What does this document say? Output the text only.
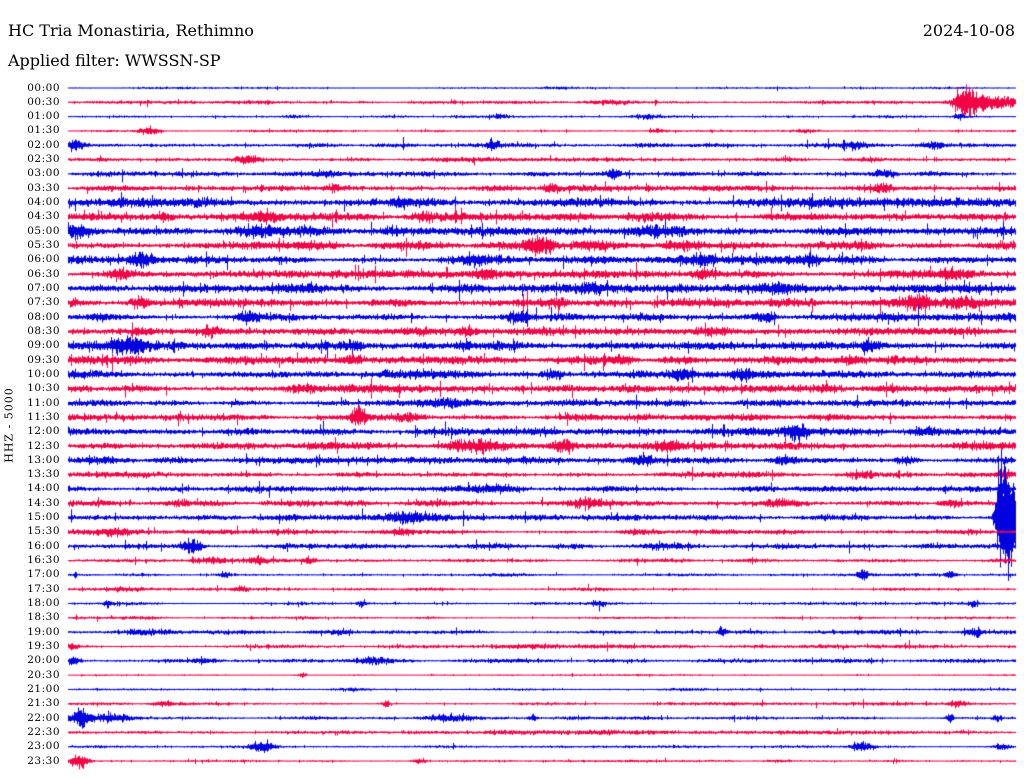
HC Tria Monastiria, Rethimno
Applied filter: WWSSN-SP
2024-10-08
HHZ - 5000
00:00
00:30
01:00
01:30
02:00
02:30
03:00
03:30
04:00
04:30
05:00
05:30
06:00
06:30
07:00
07:30
08:00
08:30
09:00
09:30
10:00
10:30
11:00
11:30
12:00
12:30
13:00
13:30
14:00
14:30
15:00
15:30
16:00
16:30
17:00
17:30
18:00
18:30
19:00
19:30
20:00
20:30
21:00
21:30
22:00
22:30
23:00
23:30
